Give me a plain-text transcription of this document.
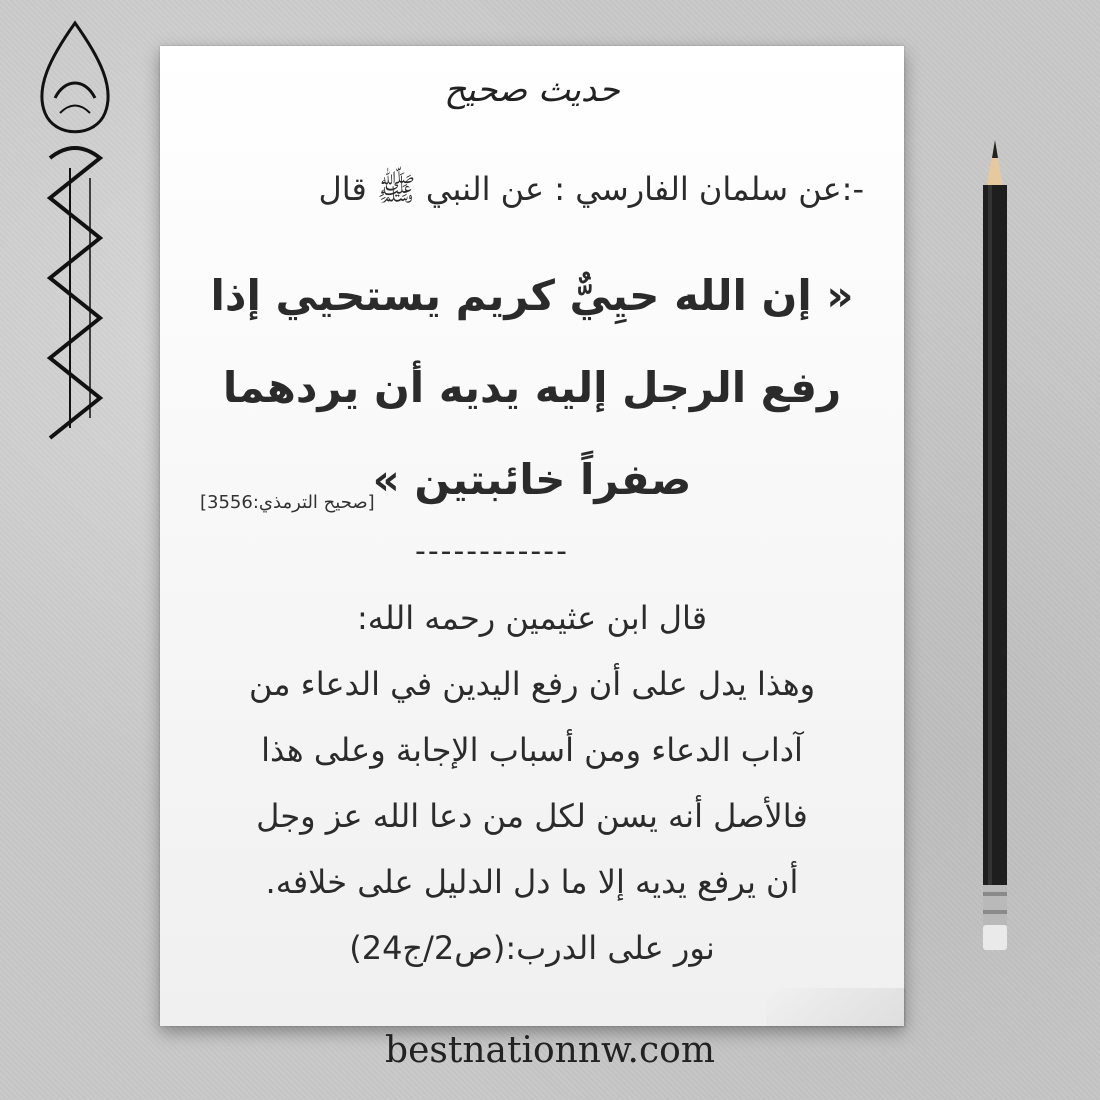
حديث صحيح
-:عن سلمان الفارسي : عن النبي ﷺ قال
« إن الله حيِيٌّ كريم يستحيي إذا
رفع الرجل إليه يديه أن يردهما
صفراً خائبتين »
[صحيح الترمذي:3556]
------------
قال ابن عثيمين رحمه الله:
وهذا يدل على أن رفع اليدين في الدعاء من
آداب الدعاء ومن أسباب الإجابة وعلى هذا
فالأصل أنه يسن لكل من دعا الله عز وجل
أن يرفع يديه إلا ما دل الدليل على خلافه.
نور على الدرب:(ص2/ج24)
bestnationnw.com
